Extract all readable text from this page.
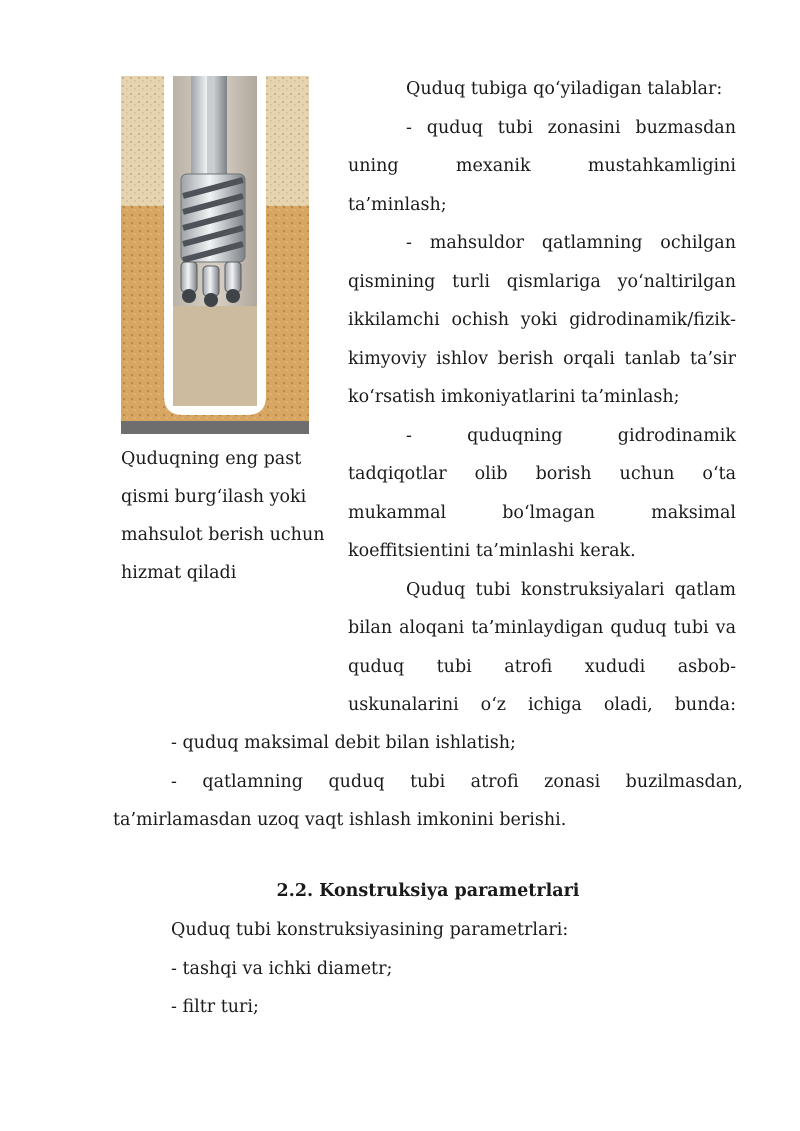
Quduqning eng past
qismi burg‘ilash yoki
mahsulot berish uchun
hizmat qiladi

Quduq tubiga qo‘yiladigan talablar:

- quduq tubi zonasini buzmasdan uning mexanik mustahkamligini ta’minlash;

- mahsuldor qatlamning ochilgan qismining turli qismlariga yo‘naltirilgan ikkilamchi ochish yoki gidrodinamik/fizik-kimyoviy ishlov berish orqali tanlab ta’sir ko‘rsatish imkoniyatlarini ta’minlash;

- quduqning gidrodinamik tadqiqotlar olib borish uchun o‘ta mukammal bo‘lmagan maksimal koeffitsientini ta’minlashi kerak.

Quduq tubi konstruksiyalari qatlam bilan aloqani ta’minlaydigan quduq tubi va quduq tubi atrofi xududi asbob-uskunalarini o‘z ichiga oladi, bunda:

- quduq maksimal debit bilan ishlatish;

- qatlamning quduq tubi atrofi zonasi buzilmasdan, ta’mirlamasdan uzoq vaqt ishlash imkonini berishi.

2.2. Konstruksiya parametrlari

Quduq tubi konstruksiyasining parametrlari:

- tashqi va ichki diametr;

- filtr turi;
